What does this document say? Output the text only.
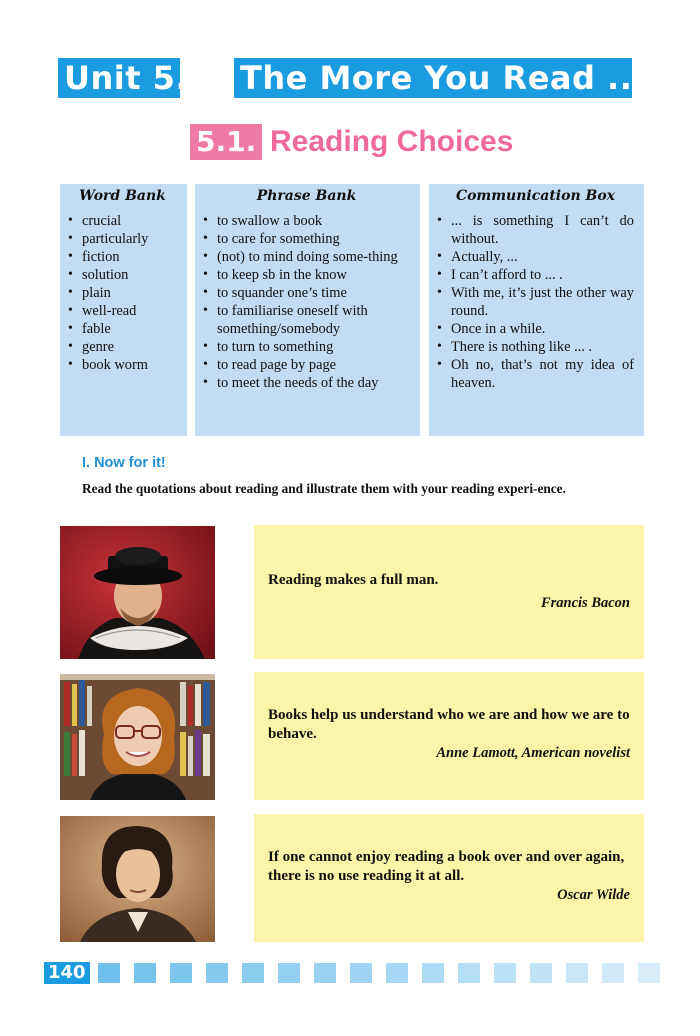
Unit 5. The More You Read ...
5.1. Reading Choices
Word Bank
• crucial
• particularly
• fiction
• solution
• plain
• well-read
• fable
• genre
• book worm
Phrase Bank
• to swallow a book
• to care for something
• (not) to mind doing some-thing
• to keep sb in the know
• to squander one’s time
• to familiarise oneself with something/somebody
• to turn to something
• to read page by page
• to meet the needs of the day
Communication Box
• ... is something I can’t do without.
• Actually, ...
• I can’t afford to ... .
• With me, it’s just the other way round.
• Once in a while.
• There is nothing like ... .
• Oh no, that’s not my idea of heaven.
I. Now for it!
Read the quotations about reading and illustrate them with your reading experi-ence.
Reading makes a full man.
Francis Bacon
Books help us understand who we are and how we are to behave.
Anne Lamott, American novelist
If one cannot enjoy reading a book over and over again, there is no use reading it at all.
Oscar Wilde
140
